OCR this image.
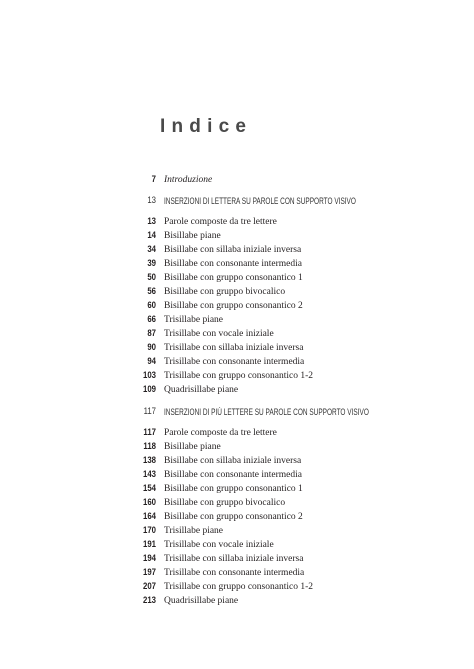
Indice
7 Introduzione
13 INSERZIONI DI LETTERA SU PAROLE CON SUPPORTO VISIVO
13 Parole composte da tre lettere
14 Bisillabe piane
34 Bisillabe con sillaba iniziale inversa
39 Bisillabe con consonante intermedia
50 Bisillabe con gruppo consonantico 1
56 Bisillabe con gruppo bivocalico
60 Bisillabe con gruppo consonantico 2
66 Trisillabe piane
87 Trisillabe con vocale iniziale
90 Trisillabe con sillaba iniziale inversa
94 Trisillabe con consonante intermedia
103 Trisillabe con gruppo consonantico 1-2
109 Quadrisillabe piane
117 INSERZIONI DI PIÙ LETTERE SU PAROLE CON SUPPORTO VISIVO
117 Parole composte da tre lettere
118 Bisillabe piane
138 Bisillabe con sillaba iniziale inversa
143 Bisillabe con consonante intermedia
154 Bisillabe con gruppo consonantico 1
160 Bisillabe con gruppo bivocalico
164 Bisillabe con gruppo consonantico 2
170 Trisillabe piane
191 Trisillabe con vocale iniziale
194 Trisillabe con sillaba iniziale inversa
197 Trisillabe con consonante intermedia
207 Trisillabe con gruppo consonantico 1-2
213 Quadrisillabe piane
